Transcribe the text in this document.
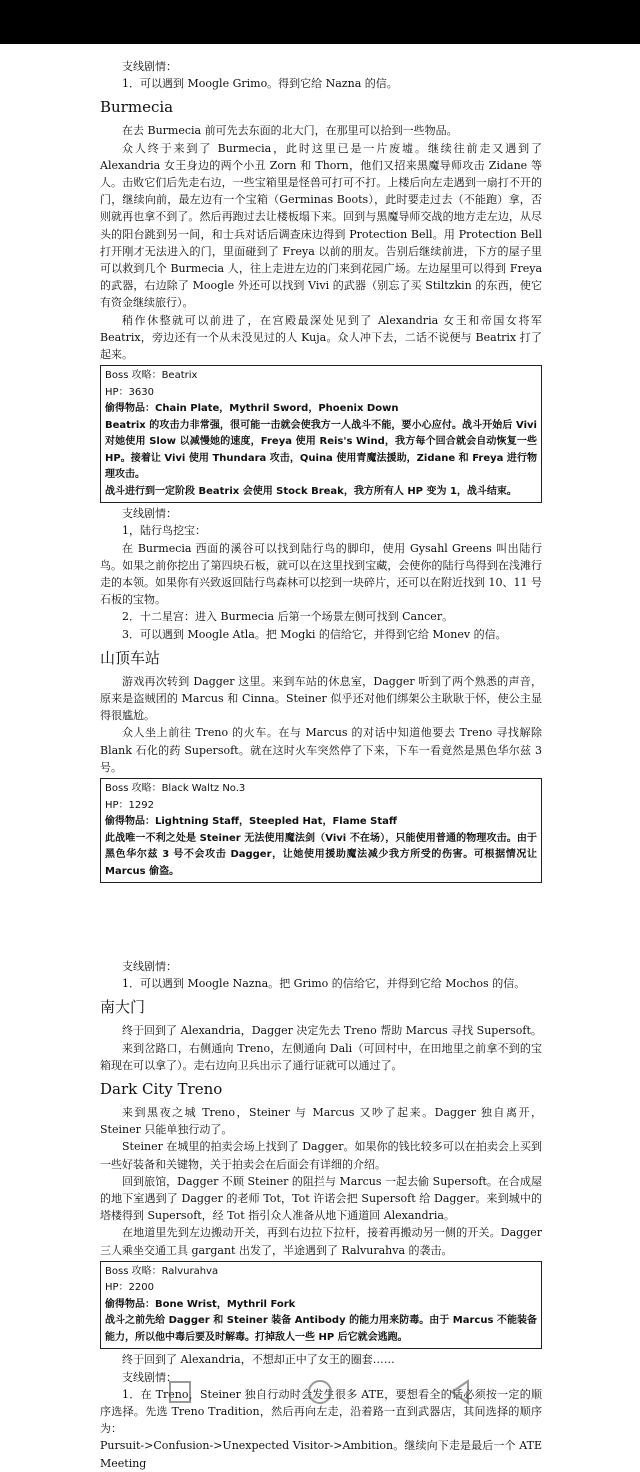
支线剧情：

1．可以遇到 Moogle Grimo。得到它给 Nazna 的信。

Burmecia

在去 Burmecia 前可先去东面的北大门，在那里可以拾到一些物品。

众人终于来到了 Burmecia，此时这里已是一片废墟。继续往前走又遇到了 Alexandria 女王身边的两个小丑 Zorn 和 Thorn，他们又招来黑魔导师攻击 Zidane 等人。击败它们后先走右边，一些宝箱里是怪兽可打可不打。上楼后向左走遇到一扇打不开的门，继续向前，最左边有一个宝箱（Germinas Boots），此时要走过去（不能跑）拿，否则就再也拿不到了。然后再跑过去让楼板塌下来。回到与黑魔导师交战的地方走左边，从尽头的阳台跳到另一间，和士兵对话后调查床边得到 Protection Bell。用 Protection Bell 打开刚才无法进入的门，里面碰到了 Freya 以前的朋友。告别后继续前进，下方的屋子里可以救到几个 Burmecia 人，往上走进左边的门来到花园广场。左边屋里可以得到 Freya 的武器，右边除了 Moogle 外还可以找到 Vivi 的武器（别忘了买 Stiltzkin 的东西，使它有资金继续旅行）。

稍作休整就可以前进了，在宫殿最深处见到了 Alexandria 女王和帝国女将军 Beatrix，旁边还有一个从未没见过的人 Kuja。众人冲下去，二话不说便与 Beatrix 打了起来。

Boss 攻略：Beatrix

HP：3630

偷得物品：Chain Plate，Mythril Sword，Phoenix Down

Beatrix 的攻击力非常强，很可能一击就会使我方一人战斗不能，要小心应付。战斗开始后 Vivi 对她使用 Slow 以减慢她的速度，Freya 使用 Reis's Wind，我方每个回合就会自动恢复一些 HP。接着让 Vivi 使用 Thundara 攻击，Quina 使用青魔法援助，Zidane 和 Freya 进行物理攻击。

战斗进行到一定阶段 Beatrix 会使用 Stock Break，我方所有人 HP 变为 1，战斗结束。

支线剧情：

1，陆行鸟挖宝：

在 Burmecia 西面的溪谷可以找到陆行鸟的脚印，使用 Gysahl Greens 叫出陆行鸟。如果之前你挖出了第四块石板，就可以在这里找到宝藏，会使你的陆行鸟得到在浅滩行走的本领。如果你有兴致返回陆行鸟森林可以挖到一块碎片，还可以在附近找到 10、11 号石板的宝物。

2．十二星宫：进入 Burmecia 后第一个场景左侧可找到 Cancer。

3．可以遇到 Moogle Atla。把 Mogki 的信给它，并得到它给 Monev 的信。

山顶车站

游戏再次转到 Dagger 这里。来到车站的休息室，Dagger 听到了两个熟悉的声音，原来是盗贼团的 Marcus 和 Cinna。Steiner 似乎还对他们绑架公主耿耿于怀，使公主显得很尴尬。

众人坐上前往 Treno 的火车。在与 Marcus 的对话中知道他要去 Treno 寻找解除 Blank 石化的药 Supersoft。就在这时火车突然停了下来，下车一看竟然是黑色华尔兹 3 号。

Boss 攻略：Black Waltz No.3

HP：1292

偷得物品：Lightning Staff，Steepled Hat，Flame Staff

此战唯一不利之处是 Steiner 无法使用魔法剑（Vivi 不在场），只能使用普通的物理攻击。由于黑色华尔兹 3 号不会攻击 Dagger，让她使用援助魔法减少我方所受的伤害。可根据情况让 Marcus 偷盗。

支线剧情：

1．可以遇到 Moogle Nazna。把 Grimo 的信给它，并得到它给 Mochos 的信。

南大门

终于回到了 Alexandria，Dagger 决定先去 Treno 帮助 Marcus 寻找 Supersoft。

来到岔路口，右侧通向 Treno，左侧通向 Dali（可回村中，在田地里之前拿不到的宝箱现在可以拿了）。走右边向卫兵出示了通行证就可以通过了。

Dark City Treno

来到黑夜之城 Treno，Steiner 与 Marcus 又吵了起来。Dagger 独自离开，Steiner 只能单独行动了。

Steiner 在城里的拍卖会场上找到了 Dagger。如果你的钱比较多可以在拍卖会上买到一些好装备和关键物，关于拍卖会在后面会有详细的介绍。

回到旅馆，Dagger 不顾 Steiner 的阻拦与 Marcus 一起去偷 Supersoft。在合成屋的地下室遇到了 Dagger 的老师 Tot，Tot 许诺会把 Supersoft 给 Dagger。来到城中的塔楼得到 Supersoft，经 Tot 指引众人准备从地下通道回 Alexandria。

在地道里先到左边搬动开关，再到右边拉下拉杆，接着再搬动另一侧的开关。Dagger 三人乘坐交通工具 gargant 出发了，半途遇到了 Ralvurahva 的袭击。

Boss 攻略：Ralvurahva

HP：2200

偷得物品：Bone Wrist，Mythril Fork

战斗之前先给 Dagger 和 Steiner 装备 Antibody 的能力用来防毒。由于 Marcus 不能装备能力，所以他中毒后要及时解毒。打掉敌人一些 HP 后它就会逃跑。

终于回到了 Alexandria，不想却正中了女王的圈套……

支线剧情：

1．在 Treno，Steiner 独自行动时会发生很多 ATE，要想看全的话必须按一定的顺序选择。先选 Treno Tradition，然后再向左走，沿着路一直到武器店，其间选择的顺序为：

Pursuit->Confusion->Unexpected Visitor->Ambition。继续向下走是最后一个 ATE Meeting
